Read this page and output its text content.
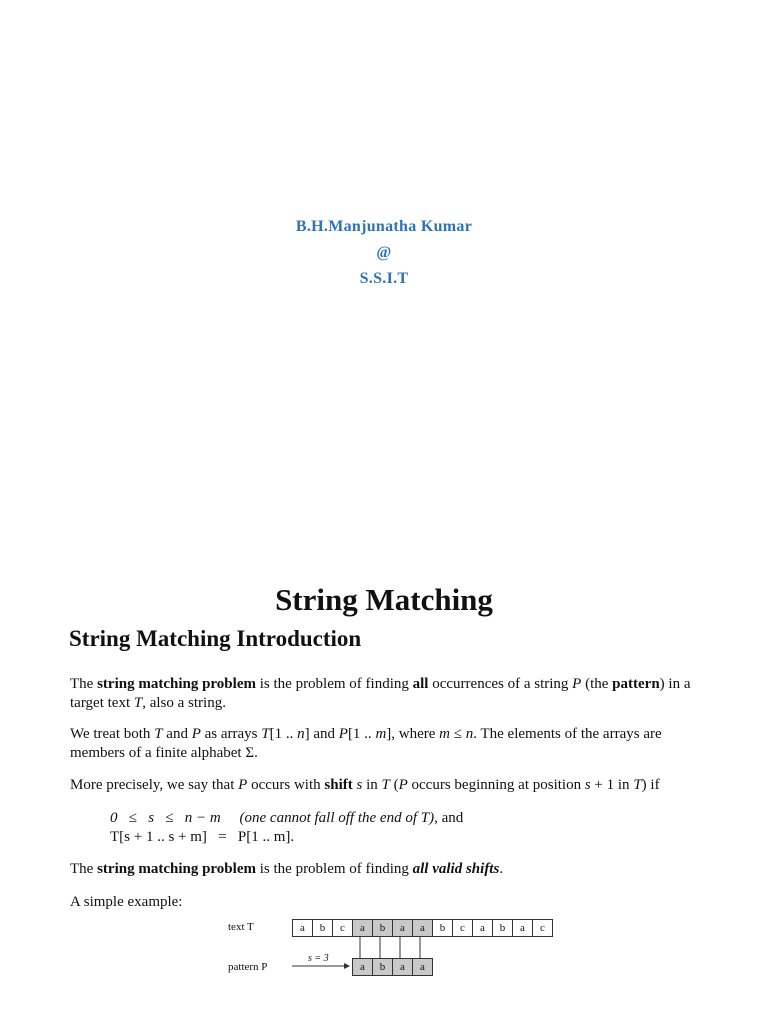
B.H.Manjunatha Kumar
@
S.S.I.T
String Matching
String Matching Introduction
The string matching problem is the problem of finding all occurrences of a string P (the pattern) in a target text T, also a string.
We treat both T and P as arrays T[1 .. n] and P[1 .. m], where m ≤ n. The elements of the arrays are members of a finite alphabet Σ.
More precisely, we say that P occurs with shift s in T (P occurs beginning at position s + 1 in T) if
0   ≤   s   ≤   n − m (one cannot fall off the end of T), and
T[s + 1 .. s + m] = P[1 .. m].
The string matching problem is the problem of finding all valid shifts.
A simple example:
text T	a	b	c	a	b	a	a	b	c	a	b	a	c
s = 3
pattern P	a	b	a	a
